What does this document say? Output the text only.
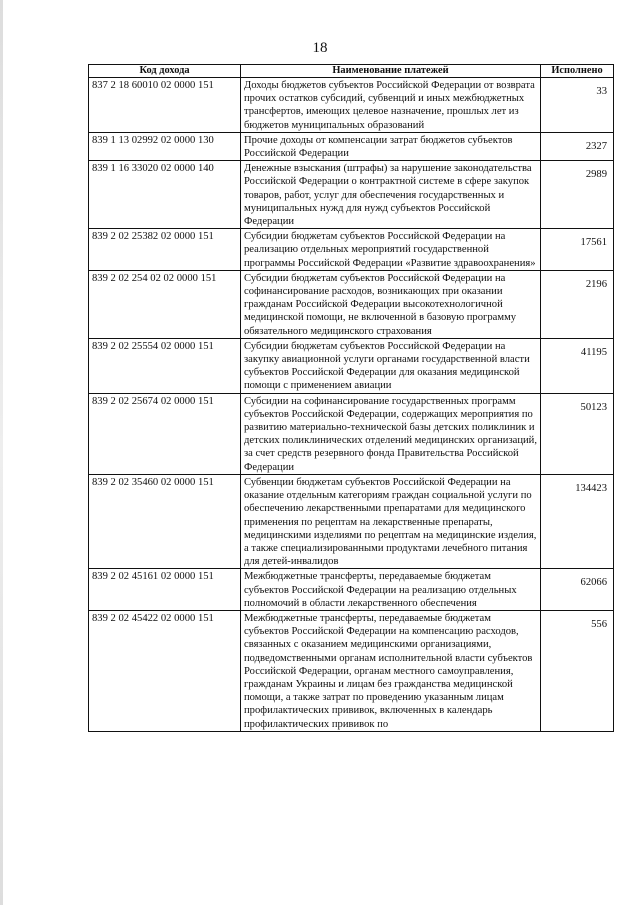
18
Код дохода	Наименование платежей	Исполнено
837 2 18 60010 02 0000 151	Доходы бюджетов субъектов Российской Федерации от возврата прочих остатков субсидий, субвенций и иных межбюджетных трансфертов, имеющих целевое назначение, прошлых лет из бюджетов муниципальных образований	33
839 1 13 02992 02 0000 130	Прочие доходы от компенсации затрат бюджетов субъектов Российской Федерации	2327
839 1 16 33020 02 0000 140	Денежные взыскания (штрафы) за нарушение законодательства Российской Федерации о контрактной системе в сфере закупок товаров, работ, услуг для обеспечения государственных и муниципальных нужд для нужд субъектов Российской Федерации	2989
839 2 02 25382 02 0000 151	Субсидии бюджетам субъектов Российской Федерации на реализацию отдельных мероприятий государственной программы Российской Федерации «Развитие здравоохранения»	17561
839 2 02 254 02 02 0000 151	Субсидии бюджетам субъектов Российской Федерации на софинансирование расходов, возникающих при оказании гражданам Российской Федерации высокотехнологичной медицинской помощи, не включенной в базовую программу обязательного медицинского страхования	2196
839 2 02 25554 02 0000 151	Субсидии бюджетам субъектов Российской Федерации на закупку авиационной услуги органами государственной власти субъектов Российской Федерации для оказания медицинской помощи с применением авиации	41195
839 2 02 25674 02 0000 151	Субсидии на софинансирование государственных программ субъектов Российской Федерации, содержащих мероприятия по развитию материально-технической базы детских поликлиник и детских поликлинических отделений медицинских организаций, за счет средств резервного фонда Правительства Российской Федерации	50123
839 2 02 35460 02 0000 151	Субвенции бюджетам субъектов Российской Федерации на оказание отдельным категориям граждан социальной услуги по обеспечению лекарственными препаратами для медицинского применения по рецептам на лекарственные препараты, медицинскими изделиями по рецептам на медицинские изделия, а также специализированными продуктами лечебного питания для детей-инвалидов	134423
839 2 02 45161 02 0000 151	Межбюджетные трансферты, передаваемые бюджетам субъектов Российской Федерации на реализацию отдельных полномочий в области лекарственного обеспечения	62066
839 2 02 45422 02 0000 151	Межбюджетные трансферты, передаваемые бюджетам субъектов Российской Федерации на компенсацию расходов, связанных с оказанием медицинскими организациями, подведомственными органам исполнительной власти субъектов Российской Федерации, органам местного самоуправления, гражданам Украины и лицам без гражданства медицинской помощи, а также затрат по проведению указанным лицам профилактических прививок, включенных в календарь профилактических прививок по	556
